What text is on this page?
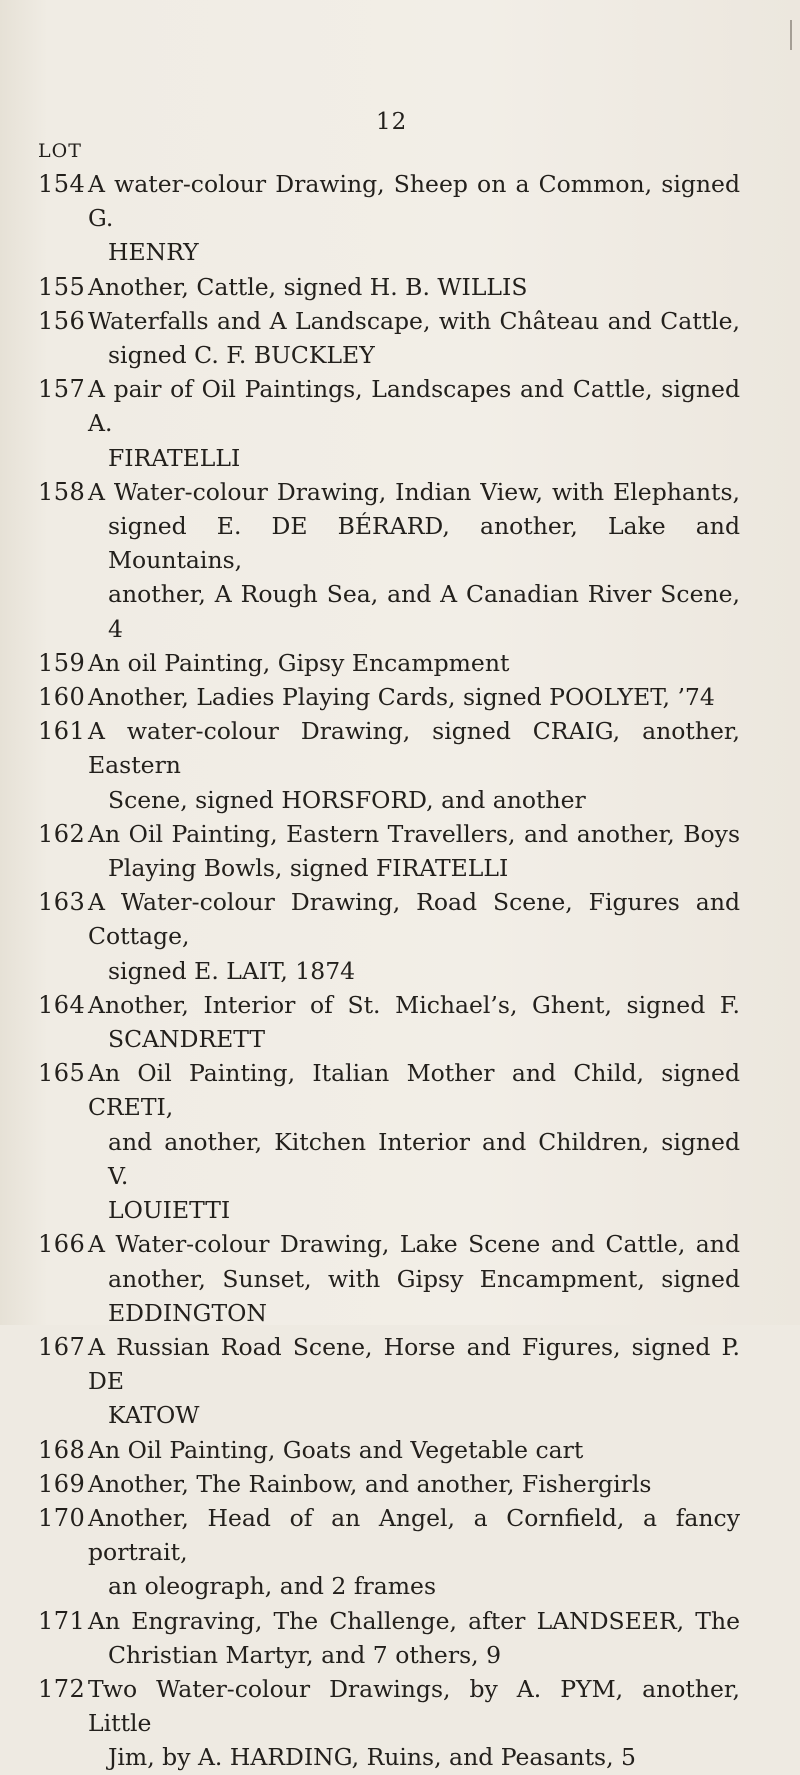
12
LOT
154 A water-colour Drawing, Sheep on a Common, signed G.
HENRY
155 Another, Cattle, signed H. B. WILLIS
156 Waterfalls and A Landscape, with Château and Cattle,
signed C. F. BUCKLEY
157 A pair of Oil Paintings, Landscapes and Cattle, signed A.
FIRATELLI
158 A Water-colour Drawing, Indian View, with Elephants,
signed E. DE BÉRARD, another, Lake and Mountains,
another, A Rough Sea, and A Canadian River Scene, 4
159 An oil Painting, Gipsy Encampment
160 Another, Ladies Playing Cards, signed POOLYET, ’74
161 A water-colour Drawing, signed CRAIG, another, Eastern
Scene, signed HORSFORD, and another
162 An Oil Painting, Eastern Travellers, and another, Boys
Playing Bowls, signed FIRATELLI
163 A Water-colour Drawing, Road Scene, Figures and Cottage,
signed E. LAIT, 1874
164 Another, Interior of St. Michael’s, Ghent, signed F.
SCANDRETT
165 An Oil Painting, Italian Mother and Child, signed CRETI,
and another, Kitchen Interior and Children, signed V.
LOUIETTI
166 A Water-colour Drawing, Lake Scene and Cattle, and
another, Sunset, with Gipsy Encampment, signed
EDDINGTON
167 A Russian Road Scene, Horse and Figures, signed P. DE
KATOW
168 An Oil Painting, Goats and Vegetable cart
169 Another, The Rainbow, and another, Fishergirls
170 Another, Head of an Angel, a Cornfield, a fancy portrait,
an oleograph, and 2 frames
171 An Engraving, The Challenge, after LANDSEER, The
Christian Martyr, and 7 others, 9
172 Two Water-colour Drawings, by A. PYM, another, Little
Jim, by A. HARDING, Ruins, and Peasants, 5
